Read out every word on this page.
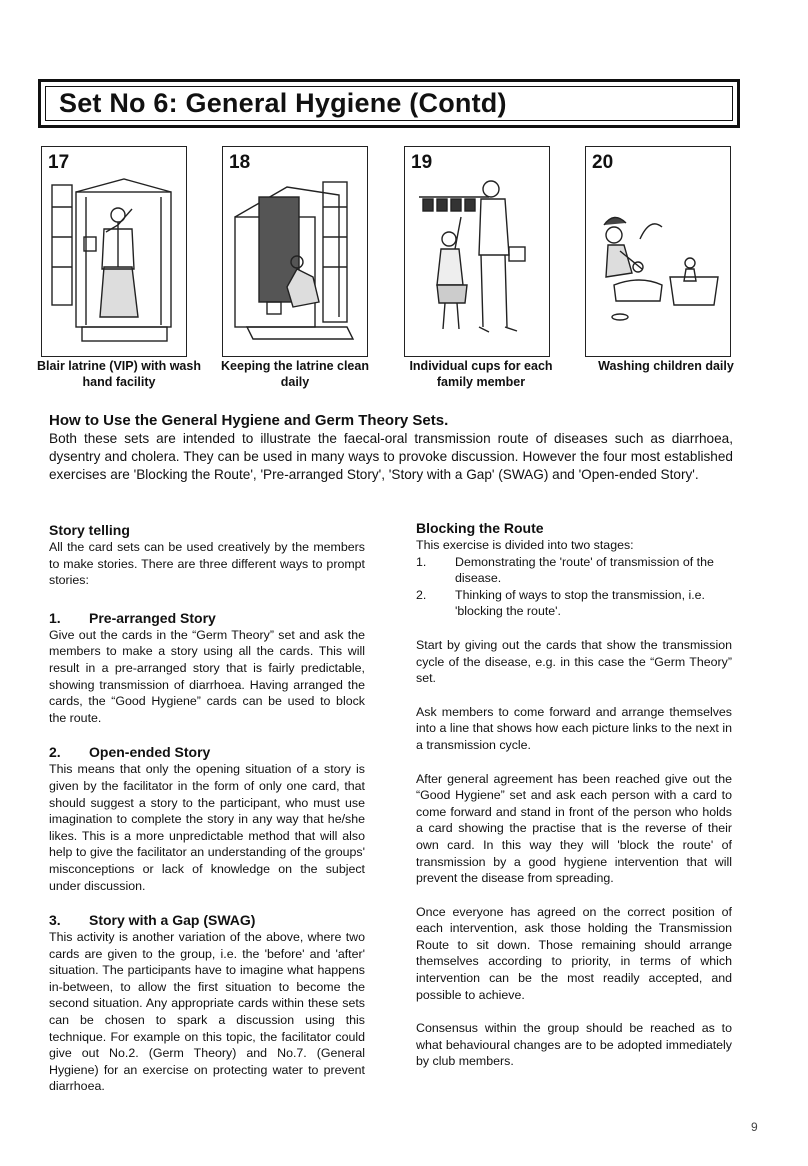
Set No 6: General Hygiene (Contd)
17
Blair latrine (VIP) with wash hand facility
18
Keeping the latrine clean daily
19
Individual cups for each family member
20
Washing children daily
How to Use the General Hygiene and Germ Theory Sets.
Both these sets are intended to illustrate the faecal-oral transmission route of diseases such as diarrhoea, dysentry and cholera. They can be used in many ways to provoke discussion. However the four most established exercises are 'Blocking the Route', 'Pre-arranged Story', 'Story with a Gap' (SWAG) and 'Open-ended Story'.
Story telling

All the card sets can be used creatively by the members to make stories. There are three different ways to prompt stories:

1.	Pre-arranged Story

Give out the cards in the “Germ Theory” set and ask the members to make a story using all the cards. This will result in a pre-arranged story that is fairly predictable, showing transmission of diarrhoea. Having arranged the cards, the “Good Hygiene” cards can be used to block the route.

2.	Open-ended Story

This means that only the opening situation of a story is given by the facilitator in the form of only one card, that should suggest a story to the participant, who must use imagination to complete the story in any way that he/she likes. This is a more unpredictable method that will also help to give the facilitator an understanding of the groups' misconceptions or lack of knowledge on the subject under discussion.

3.	Story with a Gap (SWAG)

This activity is another variation of the above, where two cards are given to the group, i.e. the 'before' and 'after' situation. The participants have to imagine what happens in-between, to allow the first situation to become the second situation. Any appropriate cards within these sets can be chosen to spark a discussion using this technique. For example on this topic, the facilitator could give out No.2. (Germ Theory) and No.7. (General Hygiene) for an exercise on protecting water to prevent diarrhoea.

Blocking the Route

This exercise is divided into two stages:

1.	Demonstrating the 'route' of transmission of the disease.
2.	Thinking of ways to stop the transmission, i.e. 'blocking the route'.

Start by giving out the cards that show the transmission cycle of the disease, e.g. in this case the “Germ Theory” set.

Ask members to come forward and arrange themselves into a line that shows how each picture links to the next in a transmission cycle.

After general agreement has been reached give out the “Good Hygiene” set and ask each person with a card to come forward and stand in front of the person who holds a card showing the practise that is the reverse of their own card. In this way they will 'block the route' of transmission by a good hygiene intervention that will prevent the disease from spreading.

Once everyone has agreed on the correct position of each intervention, ask those holding the Transmission Route to sit down. Those remaining should arrange themselves according to priority, in terms of which intervention can be the most readily accepted, and possible to achieve.

Consensus within the group should be reached as to what behavioural changes are to be adopted immediately by club members.

9
